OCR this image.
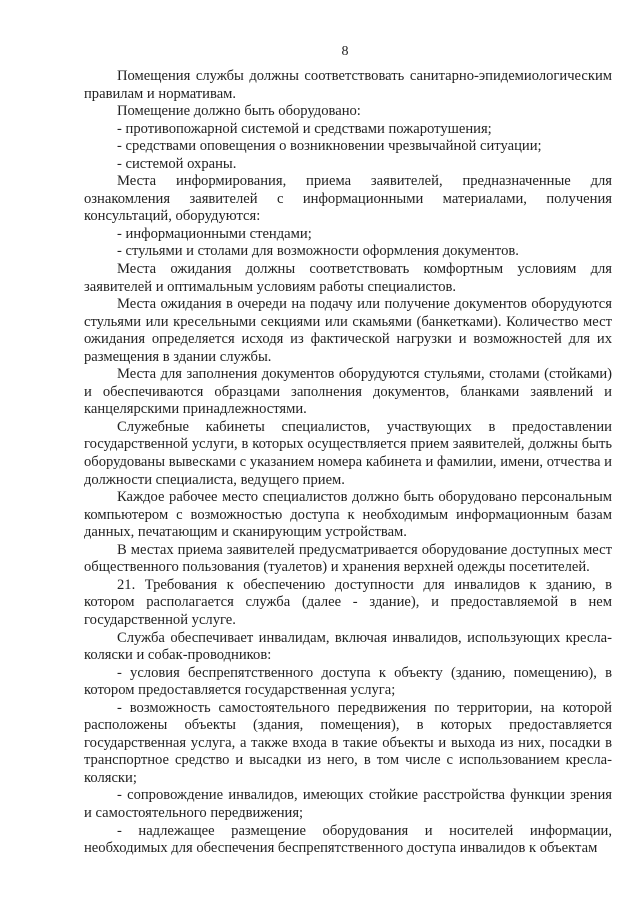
8

Помещения службы должны соответствовать санитарно-эпидемиологическим правилам и нормативам.

Помещение должно быть оборудовано:

- противопожарной системой и средствами пожаротушения;

- средствами оповещения о возникновении чрезвычайной ситуации;

- системой охраны.

Места информирования, приема заявителей, предназначенные для ознакомления заявителей с информационными материалами, получения консультаций, оборудуются:

- информационными стендами;

- стульями и столами для возможности оформления документов.

Места ожидания должны соответствовать комфортным условиям для заявителей и оптимальным условиям работы специалистов.

Места ожидания в очереди на подачу или получение документов оборудуются стульями или кресельными секциями или скамьями (банкетками). Количество мест ожидания определяется исходя из фактической нагрузки и возможностей для их размещения в здании службы.

Места для заполнения документов оборудуются стульями, столами (стойками) и обеспечиваются образцами заполнения документов, бланками заявлений и канцелярскими принадлежностями.

Служебные кабинеты специалистов, участвующих в предоставлении государственной услуги, в которых осуществляется прием заявителей, должны быть оборудованы вывесками с указанием номера кабинета и фамилии, имени, отчества и должности специалиста, ведущего прием.

Каждое рабочее место специалистов должно быть оборудовано персональным компьютером с возможностью доступа к необходимым информационным базам данных, печатающим и сканирующим устройствам.

В местах приема заявителей предусматривается оборудование доступных мест общественного пользования (туалетов) и хранения верхней одежды посетителей.

21. Требования к обеспечению доступности для инвалидов к зданию, в котором располагается служба (далее - здание), и предоставляемой в нем государственной услуге.

Служба обеспечивает инвалидам, включая инвалидов, использующих кресла-коляски и собак-проводников:

- условия беспрепятственного доступа к объекту (зданию, помещению), в котором предоставляется государственная услуга;

- возможность самостоятельного передвижения по территории, на которой расположены объекты (здания, помещения), в которых предоставляется государственная услуга, а также входа в такие объекты и выхода из них, посадки в транспортное средство и высадки из него, в том числе с использованием кресла-коляски;

- сопровождение инвалидов, имеющих стойкие расстройства функции зрения и самостоятельного передвижения;

- надлежащее размещение оборудования и носителей информации, необходимых для обеспечения беспрепятственного доступа инвалидов к объектам
